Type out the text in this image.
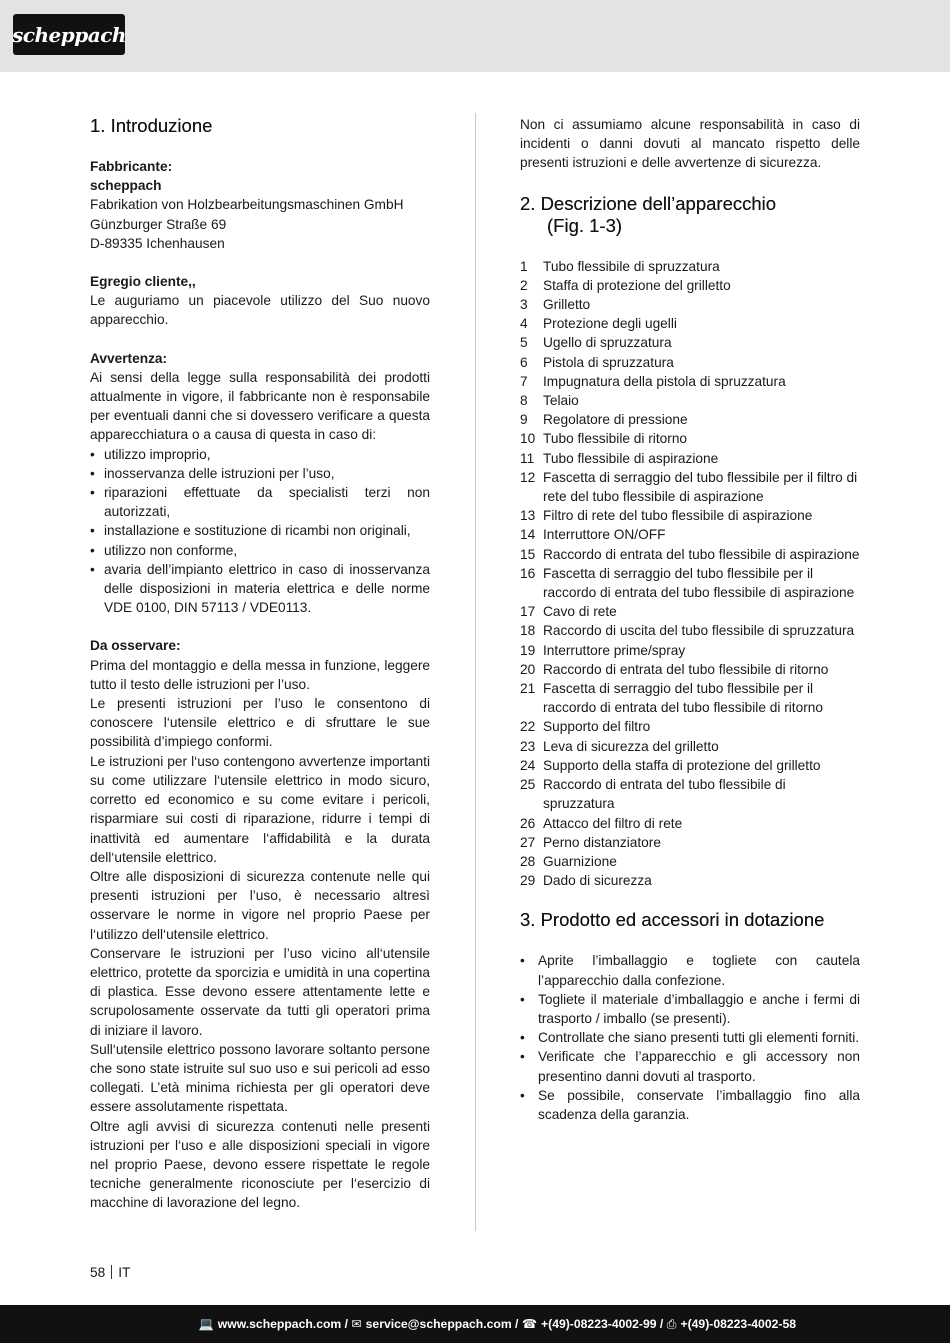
scheppach
1. Introduzione
Fabbricante:
scheppach
Fabrikation von Holzbearbeitungsmaschinen GmbH
Günzburger Straße 69
D-89335 Ichenhausen
Egregio cliente,,

Le auguriamo un piacevole utilizzo del Suo nuovo apparecchio.

Avvertenza:

Ai sensi della legge sulla responsabilità dei prodotti attualmente in vigore, il fabbricante non è responsabile per eventuali danni che si dovessero verificare a questa apparecchiatura o a causa di questa in caso di:

• utilizzo improprio,
• inosservanza delle istruzioni per l’uso,
• riparazioni effettuate da specialisti terzi non autorizzati,
• installazione e sostituzione di ricambi non originali,
• utilizzo non conforme,
• avaria dell’impianto elettrico in caso di inosservanza delle disposizioni in materia elettrica e delle norme VDE 0100, DIN 57113 / VDE0113.
Da osservare:

Prima del montaggio e della messa in funzione, leggere tutto il testo delle istruzioni per l’uso.

Le presenti istruzioni per l’uso le consentono di conoscere l‘utensile elettrico e di sfruttare le sue possibilità d’impiego conformi.

Le istruzioni per l‘uso contengono avvertenze importanti su come utilizzare l‘utensile elettrico in modo sicuro, corretto ed economico e su come evitare i pericoli, risparmiare sui costi di riparazione, ridurre i tempi di inattività ed aumentare l‘affidabilità e la durata dell‘utensile elettrico.

Oltre alle disposizioni di sicurezza contenute nelle qui presenti istruzioni per l’uso, è necessario altresì osservare le norme in vigore nel proprio Paese per l‘utilizzo dell‘utensile elettrico.

Conservare le istruzioni per l’uso vicino all‘utensile elettrico, protette da sporcizia e umidità in una copertina di plastica. Esse devono essere attentamente lette e scrupolosamente osservate da tutti gli operatori prima di iniziare il lavoro.

Sull‘utensile elettrico possono lavorare soltanto persone che sono state istruite sul suo uso e sui pericoli ad esso collegati. L’età minima richiesta per gli operatori deve essere assolutamente rispettata.

Oltre agli avvisi di sicurezza contenuti nelle presenti istruzioni per l‘uso e alle disposizioni speciali in vigore nel proprio Paese, devono essere rispettate le regole tecniche generalmente riconosciute per l‘esercizio di macchine di lavorazione del legno.

Non ci assumiamo alcune responsabilità in caso di incidenti o danni dovuti al mancato rispetto delle presenti istruzioni e delle avvertenze di sicurezza.

2. Descrizione dell’apparecchio
(Fig. 1-3)
1 Tubo flessibile di spruzzatura
2 Staffa di protezione del grilletto
3 Grilletto
4 Protezione degli ugelli
5 Ugello di spruzzatura
6 Pistola di spruzzatura
7 Impugnatura della pistola di spruzzatura
8 Telaio
9 Regolatore di pressione
10 Tubo flessibile di ritorno
11 Tubo flessibile di aspirazione
12 Fascetta di serraggio del tubo flessibile per il filtro di rete del tubo flessibile di aspirazione
13 Filtro di rete del tubo flessibile di aspirazione
14 Interruttore ON/OFF
15 Raccordo di entrata del tubo flessibile di aspirazione
16 Fascetta di serraggio del tubo flessibile per il raccordo di entrata del tubo flessibile di aspirazione
17 Cavo di rete
18 Raccordo di uscita del tubo flessibile di spruzzatura
19 Interruttore prime/spray
20 Raccordo di entrata del tubo flessibile di ritorno
21 Fascetta di serraggio del tubo flessibile per il raccordo di entrata del tubo flessibile di ritorno
22 Supporto del filtro
23 Leva di sicurezza del grilletto
24 Supporto della staffa di protezione del grilletto
25 Raccordo di entrata del tubo flessibile di spruzzatura
26 Attacco del filtro di rete
27 Perno distanziatore
28 Guarnizione
29 Dado di sicurezza
3. Prodotto ed accessori in dotazione
• Aprite l’imballaggio e togliete con cautela l’apparecchio dalla confezione.
• Togliete il materiale d’imballaggio e anche i fermi di trasporto / imballo (se presenti).
• Controllate che siano presenti tutti gli elementi forniti.
• Verificate che l’apparecchio e gli accessory non presentino danni dovuti al trasporto.
• Se possibile, conservate l’imballaggio fino alla scadenza della garanzia.
58 IT
💻 www.scheppach.com /
✉ service@scheppach.com /
☎ +(49)-08223-4002-99 /
⎙ +(49)-08223-4002-58
